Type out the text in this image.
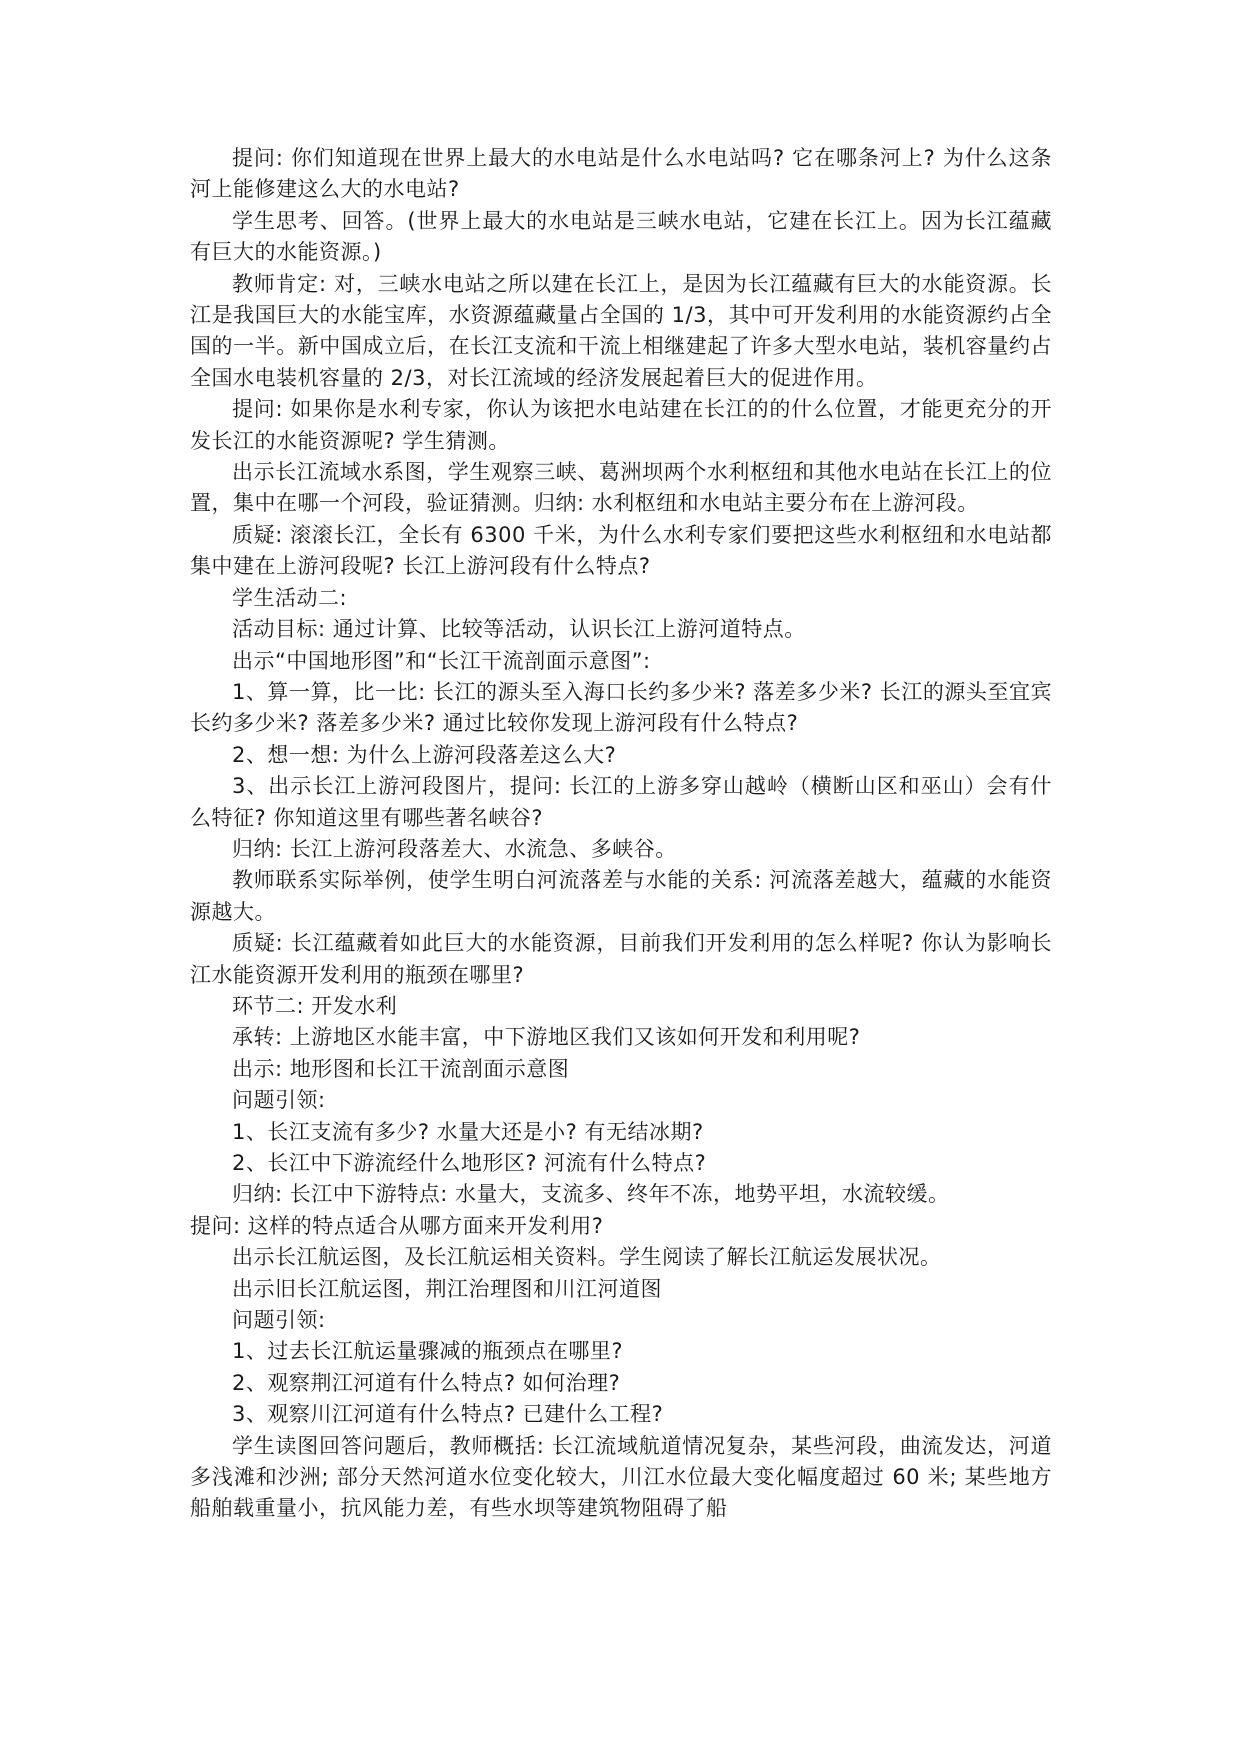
提问: 你们知道现在世界上最大的水电站是什么水电站吗? 它在哪条河上? 为什么这条河上能修建这么大的水电站?

学生思考、回答。(世界上最大的水电站是三峡水电站，它建在长江上。因为长江蕴藏有巨大的水能资源。)

教师肯定: 对，三峡水电站之所以建在长江上，是因为长江蕴藏有巨大的水能资源。长江是我国巨大的水能宝库，水资源蕴藏量占全国的 1/3，其中可开发利用的水能资源约占全国的一半。新中国成立后，在长江支流和干流上相继建起了许多大型水电站，装机容量约占全国水电装机容量的 2/3，对长江流域的经济发展起着巨大的促进作用。

提问: 如果你是水利专家，你认为该把水电站建在长江的的什么位置，才能更充分的开发长江的水能资源呢? 学生猜测。

出示长江流域水系图，学生观察三峡、葛洲坝两个水利枢纽和其他水电站在长江上的位置，集中在哪一个河段，验证猜测。归纳: 水利枢纽和水电站主要分布在上游河段。

质疑: 滚滚长江，全长有 6300 千米，为什么水利专家们要把这些水利枢纽和水电站都集中建在上游河段呢? 长江上游河段有什么特点?

学生活动二:

活动目标: 通过计算、比较等活动，认识长江上游河道特点。

出示“中国地形图”和“长江干流剖面示意图”:

1、算一算，比一比: 长江的源头至入海口长约多少米? 落差多少米? 长江的源头至宜宾长约多少米? 落差多少米? 通过比较你发现上游河段有什么特点?

2、想一想: 为什么上游河段落差这么大?

3、出示长江上游河段图片，提问: 长江的上游多穿山越岭（横断山区和巫山）会有什么特征? 你知道这里有哪些著名峡谷?

归纳: 长江上游河段落差大、水流急、多峡谷。

教师联系实际举例，使学生明白河流落差与水能的关系: 河流落差越大，蕴藏的水能资源越大。

质疑: 长江蕴藏着如此巨大的水能资源，目前我们开发利用的怎么样呢? 你认为影响长江水能资源开发利用的瓶颈在哪里?

环节二: 开发水利

承转: 上游地区水能丰富，中下游地区我们又该如何开发和利用呢?

出示: 地形图和长江干流剖面示意图

问题引领:

1、长江支流有多少? 水量大还是小? 有无结冰期?

2、长江中下游流经什么地形区? 河流有什么特点?

归纳: 长江中下游特点: 水量大，支流多、终年不冻，地势平坦，水流较缓。

提问: 这样的特点适合从哪方面来开发利用?

出示长江航运图，及长江航运相关资料。学生阅读了解长江航运发展状况。

出示旧长江航运图，荆江治理图和川江河道图

问题引领:

1、过去长江航运量骤减的瓶颈点在哪里?

2、观察荆江河道有什么特点? 如何治理?

3、观察川江河道有什么特点? 已建什么工程?

学生读图回答问题后，教师概括: 长江流域航道情况复杂，某些河段，曲流发达，河道多浅滩和沙洲; 部分天然河道水位变化较大，川江水位最大变化幅度超过 60 米; 某些地方船舶载重量小，抗风能力差，有些水坝等建筑物阻碍了船
